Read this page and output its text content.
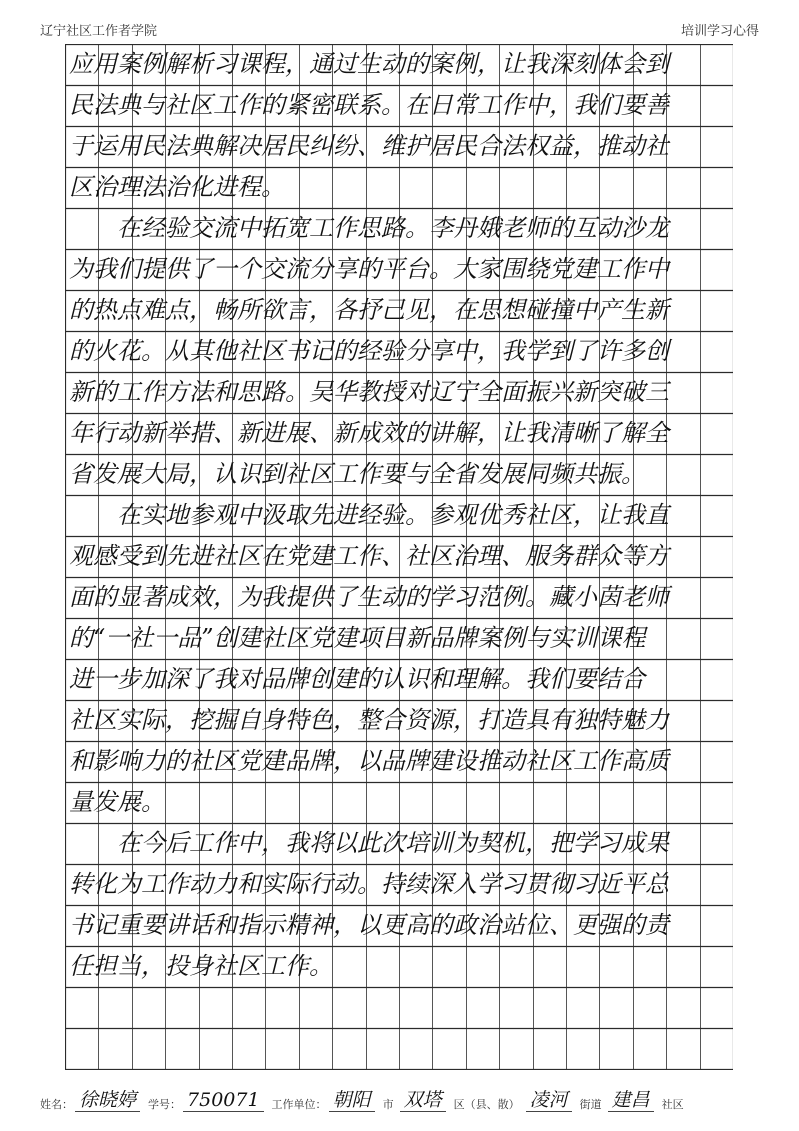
辽宁社区工作者学院	培训学习心得
应用案例解析习课程，通过生动的案例，让我深刻体会到
民法典与社区工作的紧密联系。在日常工作中，我们要善
于运用民法典解决居民纠纷、维护居民合法权益，推动社
区治理法治化进程。
　　在经验交流中拓宽工作思路。李丹娥老师的互动沙龙
为我们提供了一个交流分享的平台。大家围绕党建工作中
的热点难点，畅所欲言，各抒己见，在思想碰撞中产生新
的火花。从其他社区书记的经验分享中，我学到了许多创
新的工作方法和思路。吴华教授对辽宁全面振兴新突破三
年行动新举措、新进展、新成效的讲解，让我清晰了解全
省发展大局，认识到社区工作要与全省发展同频共振。
　　在实地参观中汲取先进经验。参观优秀社区，让我直
观感受到先进社区在党建工作、社区治理、服务群众等方
面的显著成效，为我提供了生动的学习范例。藏小茵老师
的“一社一品”创建社区党建项目新品牌案例与实训课程
进一步加深了我对品牌创建的认识和理解。我们要结合
社区实际，挖掘自身特色，整合资源，打造具有独特魅力
和影响力的社区党建品牌，以品牌建设推动社区工作高质
量发展。
　　在今后工作中，我将以此次培训为契机，把学习成果
转化为工作动力和实际行动。持续深入学习贯彻习近平总
书记重要讲话和指示精神，以更高的政治站位、更强的责
任担当，投身社区工作。
姓名： 徐晓婷	学号： 750071	工作单位： 朝阳	市 双塔	区（县、散） 凌河	街道 建昌	社区
